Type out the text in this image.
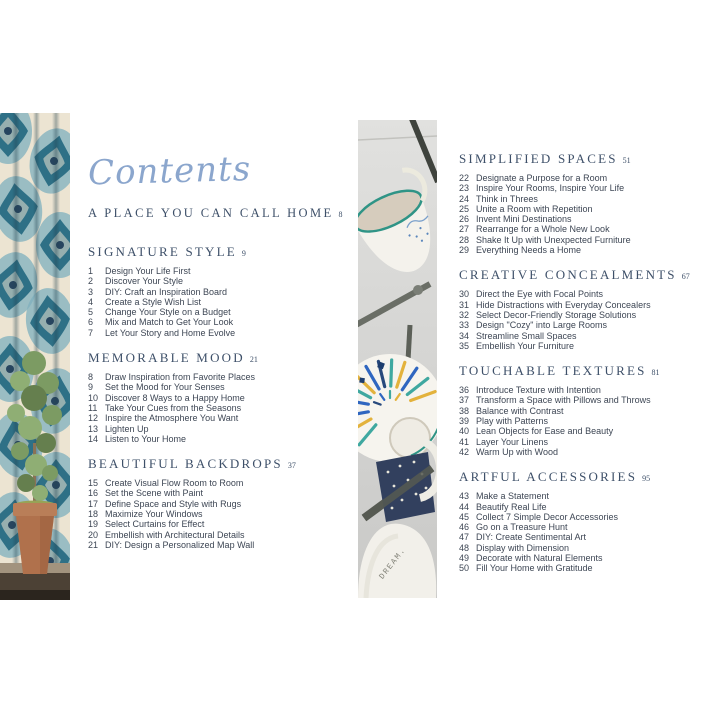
DREAM.
Contents
A PLACE YOU CAN CALL HOME 8
SIGNATURE STYLE 9
1	Design Your Life First
2	Discover Your Style
3	DIY: Craft an Inspiration Board
4	Create a Style Wish List
5	Change Your Style on a Budget
6	Mix and Match to Get Your Look
7	Let Your Story and Home Evolve
MEMORABLE MOOD 21
8	Draw Inspiration from Favorite Places
9	Set the Mood for Your Senses
10 Discover 8 Ways to a Happy Home
11 Take Your Cues from the Seasons
12 Inspire the Atmosphere You Want
13 Lighten Up
14 Listen to Your Home
BEAUTIFUL BACKDROPS 37
15 Create Visual Flow Room to Room
16 Set the Scene with Paint
17 Define Space and Style with Rugs
18 Maximize Your Windows
19 Select Curtains for Effect
20 Embellish with Architectural Details
21 DIY: Design a Personalized Map Wall
SIMPLIFIED SPACES 51
22 Designate a Purpose for a Room
23 Inspire Your Rooms, Inspire Your Life
24 Think in Threes
25 Unite a Room with Repetition
26 Invent Mini Destinations
27 Rearrange for a Whole New Look
28 Shake It Up with Unexpected Furniture
29 Everything Needs a Home
CREATIVE CONCEALMENTS 67
30 Direct the Eye with Focal Points
31 Hide Distractions with Everyday Concealers
32 Select Decor-Friendly Storage Solutions
33 Design "Cozy" into Large Rooms
34 Streamline Small Spaces
35 Embellish Your Furniture
TOUCHABLE TEXTURES 81
36 Introduce Texture with Intention
37 Transform a Space with Pillows and Throws
38 Balance with Contrast
39 Play with Patterns
40 Lean Objects for Ease and Beauty
41 Layer Your Linens
42 Warm Up with Wood
ARTFUL ACCESSORIES 95
43 Make a Statement
44 Beautify Real Life
45 Collect 7 Simple Decor Accessories
46 Go on a Treasure Hunt
47 DIY: Create Sentimental Art
48 Display with Dimension
49 Decorate with Natural Elements
50 Fill Your Home with Gratitude
